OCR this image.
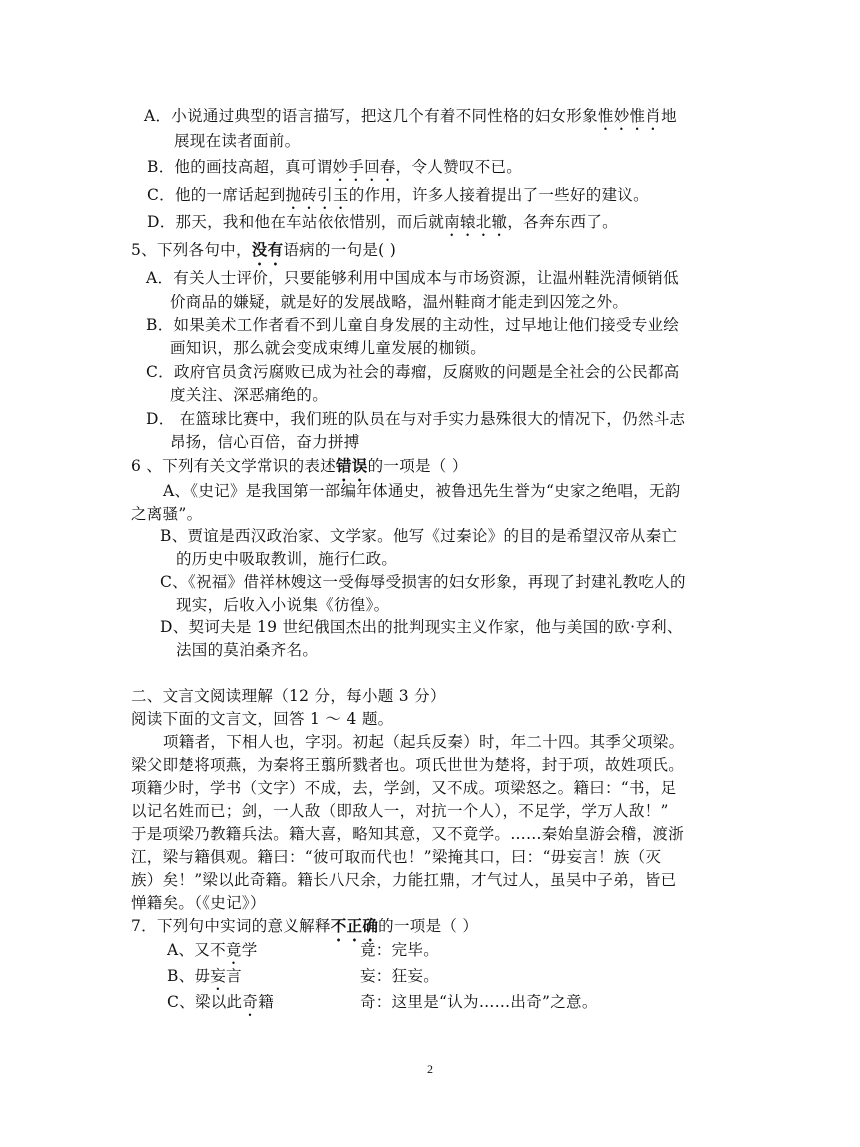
A．小说通过典型的语言描写，把这几个有着不同性格的妇女形象惟妙惟肖地
展现在读者面前。
B．他的画技高超，真可谓妙手回春，令人赞叹不已。
C．他的一席话起到抛砖引玉的作用，许多人接着提出了一些好的建议。
D．那天，我和他在车站依依惜别，而后就南辕北辙，各奔东西了。
5、下列各句中，没有语病的一句是( )
A．有关人士评价，只要能够利用中国成本与市场资源，让温州鞋洗清倾销低
价商品的嫌疑，就是好的发展战略，温州鞋商才能走到囚笼之外。
B．如果美术工作者看不到儿童自身发展的主动性，过早地让他们接受专业绘
画知识，那么就会变成束缚儿童发展的枷锁。
C．政府官员贪污腐败已成为社会的毒瘤，反腐败的问题是全社会的公民都高
度关注、深恶痛绝的。
D． 在篮球比赛中，我们班的队员在与对手实力悬殊很大的情况下，仍然斗志
昂扬，信心百倍，奋力拼搏
6 、下列有关文学常识的表述错误的一项是（ ）
A、《史记》是我国第一部编年体通史，被鲁迅先生誉为“史家之绝唱，无韵
之离骚”。
B、贾谊是西汉政治家、文学家。他写《过秦论》的目的是希望汉帝从秦亡
的历史中吸取教训，施行仁政。
C、《祝福》借祥林嫂这一受侮辱受损害的妇女形象，再现了封建礼教吃人的
现实，后收入小说集《彷徨》。
D、契诃夫是 19 世纪俄国杰出的批判现实主义作家，他与美国的欧·亨利、
法国的莫泊桑齐名。
二、文言文阅读理解（12 分，每小题 3 分）
阅读下面的文言文，回答 1 ～ 4 题。
项籍者，下相人也，字羽。初起（起兵反秦）时，年二十四。其季父项梁。
梁父即楚将项燕，为秦将王翦所戮者也。项氏世世为楚将，封于项，故姓项氏。
项籍少时，学书（文字）不成，去，学剑，又不成。项梁怒之。籍曰：“书，足
以记名姓而已；剑，一人敌（即敌人一，对抗一个人），不足学，学万人敌！”
于是项梁乃教籍兵法。籍大喜，略知其意，又不竟学。……秦始皇游会稽，渡浙
江，梁与籍俱观。籍曰：“彼可取而代也！”梁掩其口，曰：“毋妄言！族（灭
族）矣！”梁以此奇籍。籍长八尺余，力能扛鼎，才气过人，虽吴中子弟，皆已
惮籍矣。（《史记》）
7．下列句中实词的意义解释不正确的一项是（ ）
A、又不竟学	竟：完毕。
B、毋妄言	妄：狂妄。
C、梁以此奇籍	奇：这里是“认为……出奇”之意。
2
